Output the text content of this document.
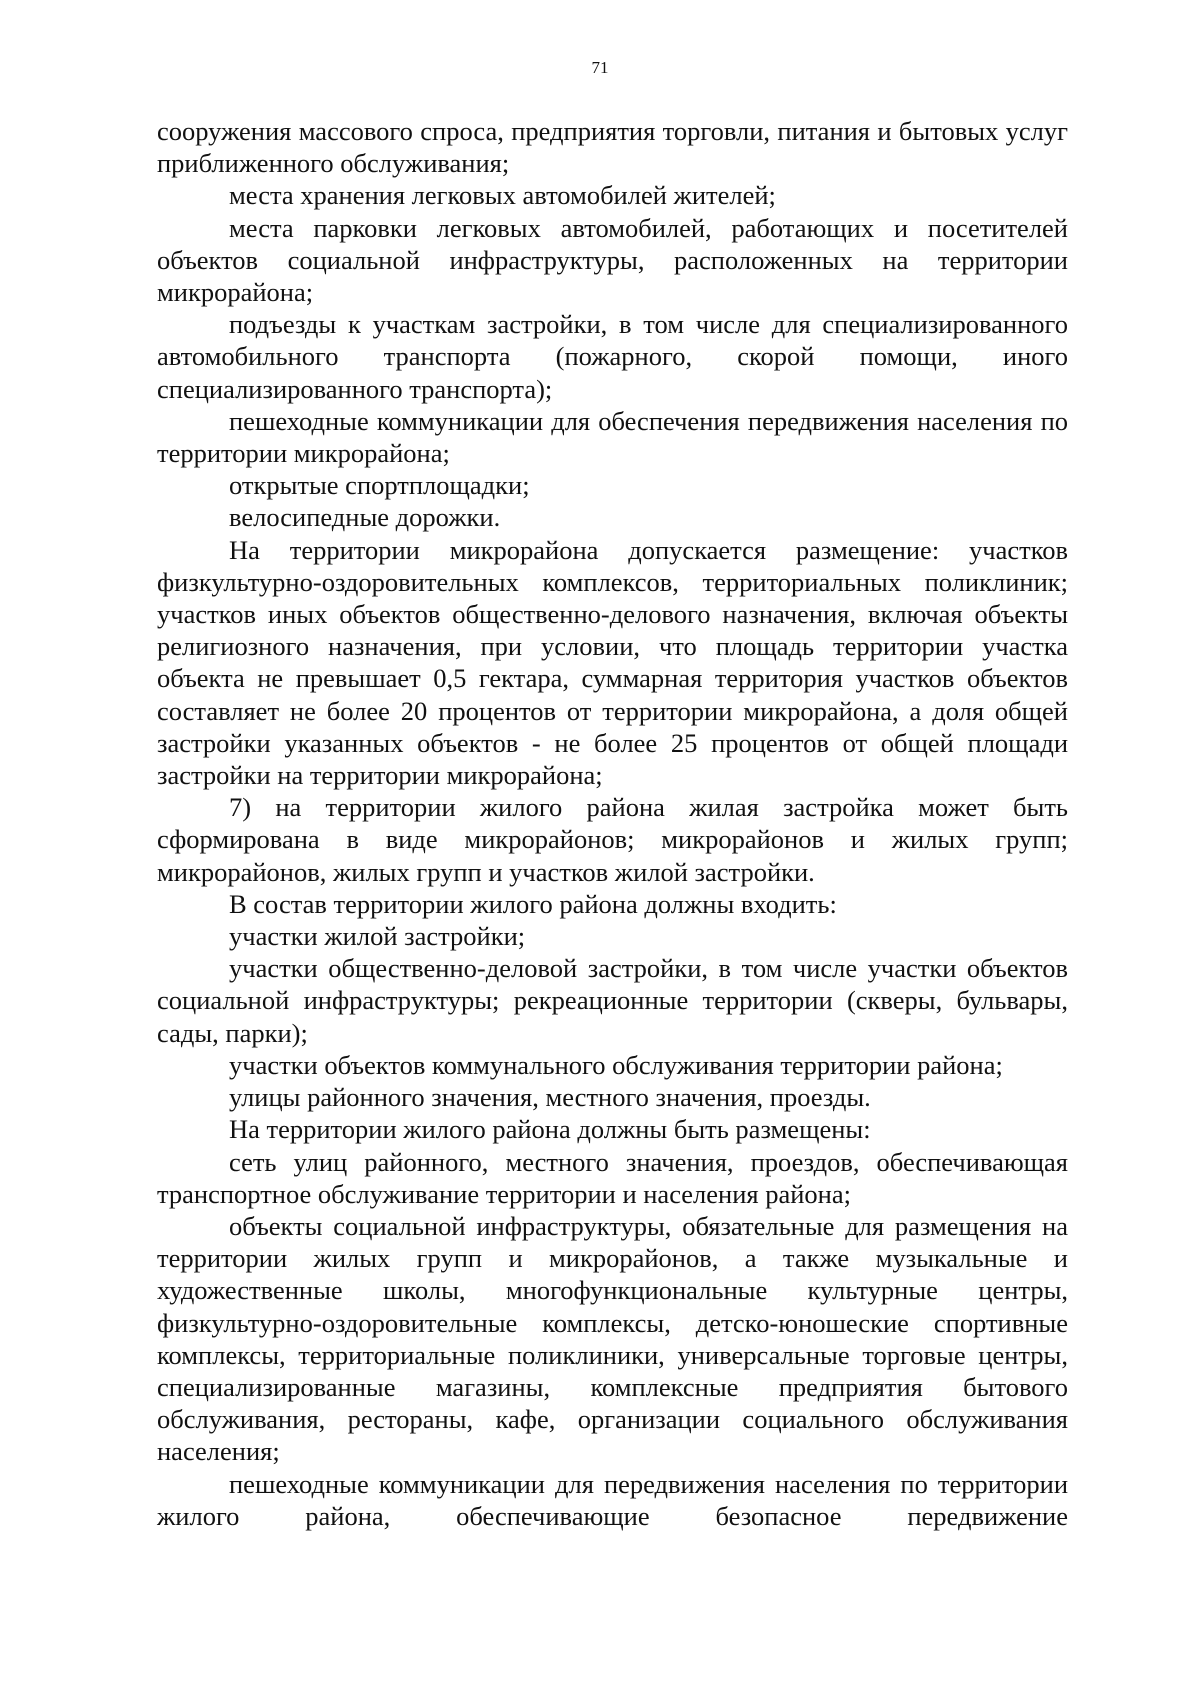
71

сооружения массового спроса, предприятия торговли, питания и бытовых услуг приближенного обслуживания;

места хранения легковых автомобилей жителей;

места парковки легковых автомобилей, работающих и посетителей объектов социальной инфраструктуры, расположенных на территории микрорайона;

подъезды к участкам застройки, в том числе для специализированного автомобильного транспорта (пожарного, скорой помощи, иного специализированного транспорта);

пешеходные коммуникации для обеспечения передвижения населения по территории микрорайона;

открытые спортплощадки;

велосипедные дорожки.

На территории микрорайона допускается размещение: участков физкультурно-оздоровительных комплексов, территориальных поликлиник; участков иных объектов общественно-делового назначения, включая объекты религиозного назначения, при условии, что площадь территории участка объекта не превышает 0,5 гектара, суммарная территория участков объектов составляет не более 20 процентов от территории микрорайона, а доля общей застройки указанных объектов - не более 25 процентов от общей площади застройки на территории микрорайона;

7) на территории жилого района жилая застройка может быть сформирована в виде микрорайонов; микрорайонов и жилых групп; микрорайонов, жилых групп и участков жилой застройки.

В состав территории жилого района должны входить:

участки жилой застройки;

участки общественно-деловой застройки, в том числе участки объектов социальной инфраструктуры; рекреационные территории (скверы, бульвары, сады, парки);

участки объектов коммунального обслуживания территории района;

улицы районного значения, местного значения, проезды.

На территории жилого района должны быть размещены:

сеть улиц районного, местного значения, проездов, обеспечивающая транспортное обслуживание территории и населения района;

объекты социальной инфраструктуры, обязательные для размещения на территории жилых групп и микрорайонов, а также музыкальные и художественные школы, многофункциональные культурные центры, физкультурно-оздоровительные комплексы, детско-юношеские спортивные комплексы, территориальные поликлиники, универсальные торговые центры, специализированные магазины, комплексные предприятия бытового обслуживания, рестораны, кафе, организации социального обслуживания населения;

пешеходные коммуникации для передвижения населения по территории жилого района, обеспечивающие безопасное передвижение
